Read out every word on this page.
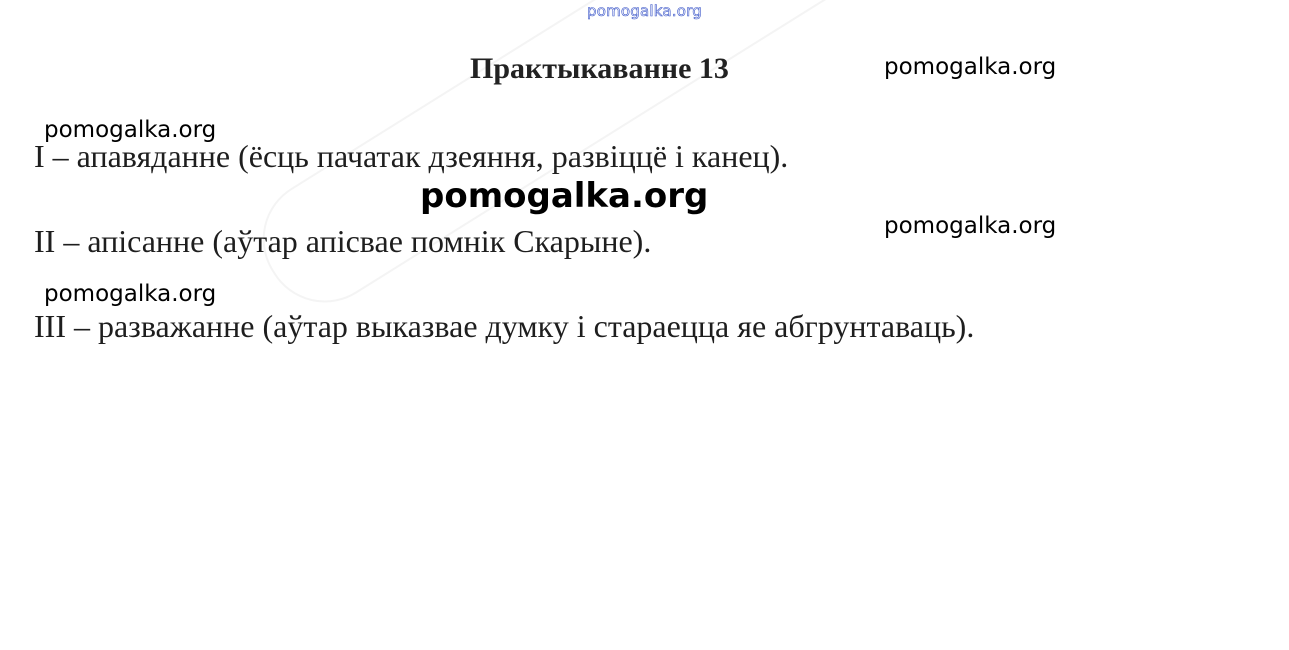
pomogalka.org
Практыкаванне 13
I – апавяданне (ёсць пачатак дзеяння, развіццё і канец).
II – апісанне (аўтар апісвае помнік Скарыне).
III – разважанне (аўтар выказвае думку і стараецца яе абгрунтаваць).
pomogalka.org
pomogalka.org
pomogalka.org
pomogalka.org
pomogalka.org
